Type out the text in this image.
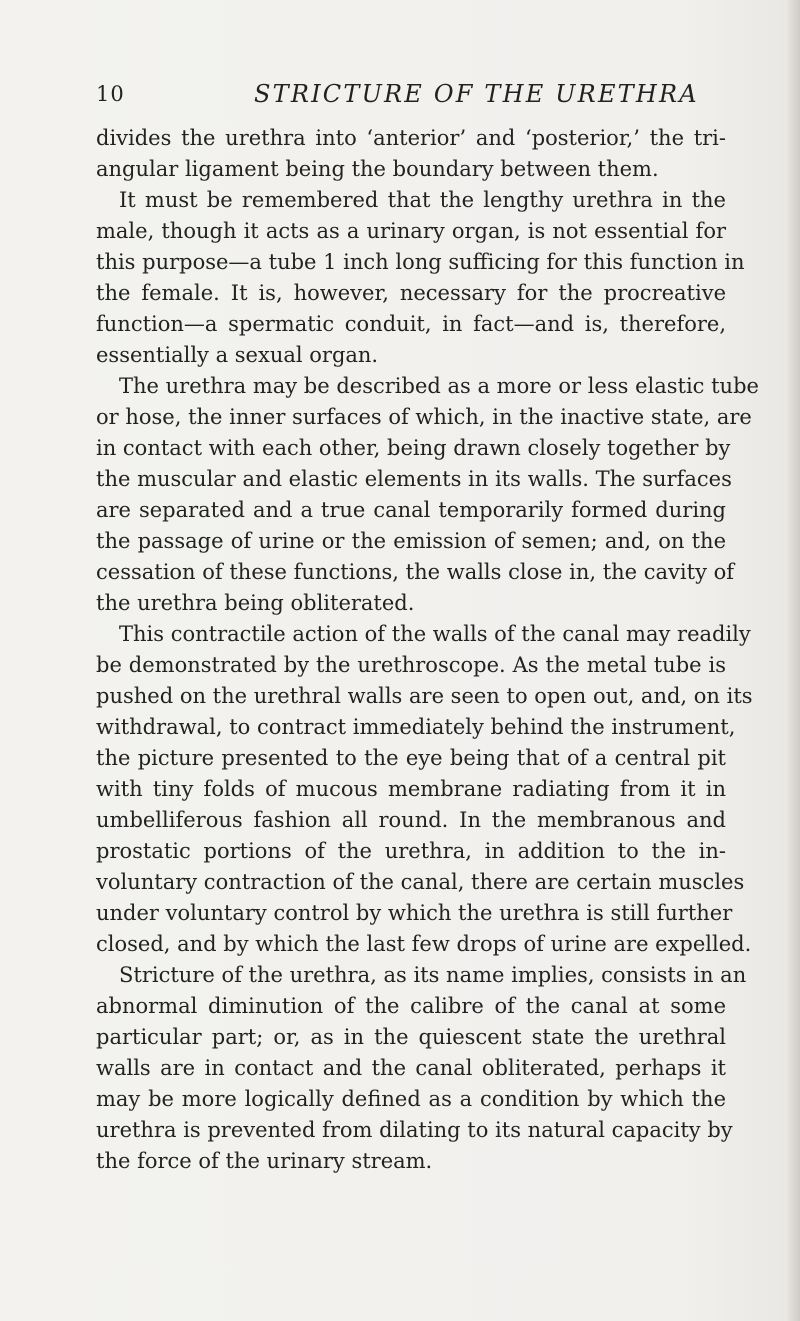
10	STRICTURE OF THE URETHRA
divides the urethra into ‘anterior’ and ‘posterior,’ the tri-
angular ligament being the boundary between them.
It must be remembered that the lengthy urethra in the
male, though it acts as a urinary organ, is not essential for
this purpose—a tube 1 inch long sufficing for this function in
the female. It is, however, necessary for the procreative
function—a spermatic conduit, in fact—and is, therefore,
essentially a sexual organ.
The urethra may be described as a more or less elastic tube
or hose, the inner surfaces of which, in the inactive state, are
in contact with each other, being drawn closely together by
the muscular and elastic elements in its walls. The surfaces
are separated and a true canal temporarily formed during
the passage of urine or the emission of semen; and, on the
cessation of these functions, the walls close in, the cavity of
the urethra being obliterated.
This contractile action of the walls of the canal may readily
be demonstrated by the urethroscope. As the metal tube is
pushed on the urethral walls are seen to open out, and, on its
withdrawal, to contract immediately behind the instrument,
the picture presented to the eye being that of a central pit
with tiny folds of mucous membrane radiating from it in
umbelliferous fashion all round. In the membranous and
prostatic portions of the urethra, in addition to the in-
voluntary contraction of the canal, there are certain muscles
under voluntary control by which the urethra is still further
closed, and by which the last few drops of urine are expelled.
Stricture of the urethra, as its name implies, consists in an
abnormal diminution of the calibre of the canal at some
particular part; or, as in the quiescent state the urethral
walls are in contact and the canal obliterated, perhaps it
may be more logically defined as a condition by which the
urethra is prevented from dilating to its natural capacity by
the force of the urinary stream.
